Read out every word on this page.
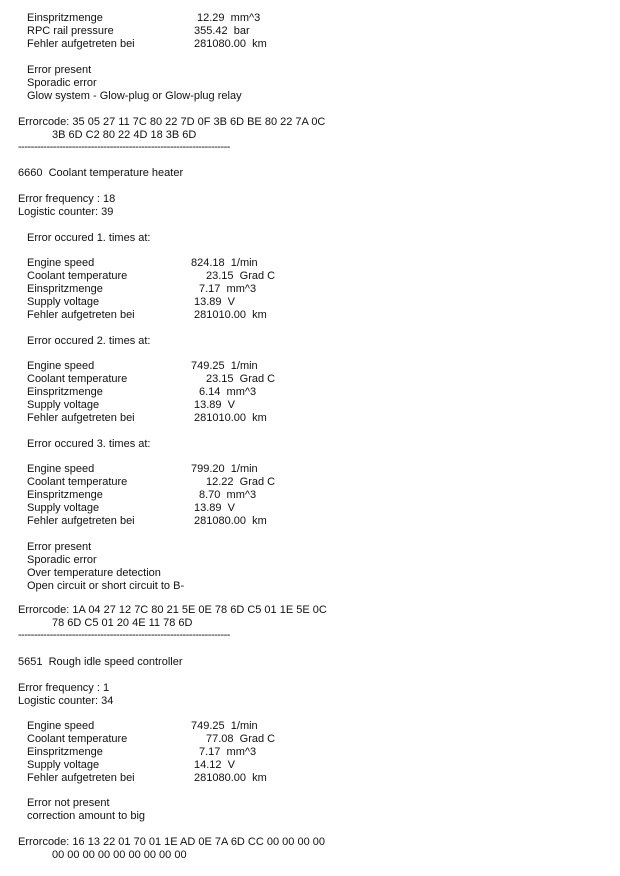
Einspritzmenge	12.29 mm^3
RPC rail pressure	355.42 bar
Fehler aufgetreten bei	281080.00 km
Error present
Sporadic error
Glow system - Glow-plug or Glow-plug relay
Errorcode: 35 05 27 11 7C 80 22 7D 0F 3B 6D BE 80 22 7A 0C
3B 6D C2 80 22 4D 18 3B 6D
-------------------------------------------------------------------
6660  Coolant temperature heater
Error frequency : 18
Logistic counter: 39
Error occured 1. times at:
Engine speed	824.18 1/min
Coolant temperature	23.15 Grad C
Einspritzmenge	7.17 mm^3
Supply voltage	13.89 V
Fehler aufgetreten bei	281010.00 km
Error occured 2. times at:
Engine speed	749.25 1/min
Coolant temperature	23.15 Grad C
Einspritzmenge	6.14 mm^3
Supply voltage	13.89 V
Fehler aufgetreten bei	281010.00 km
Error occured 3. times at:
Engine speed	799.20 1/min
Coolant temperature	12.22 Grad C
Einspritzmenge	8.70 mm^3
Supply voltage	13.89 V
Fehler aufgetreten bei	281080.00 km
Error present
Sporadic error
Over temperature detection
Open circuit or short circuit to B-
Errorcode: 1A 04 27 12 7C 80 21 5E 0E 78 6D C5 01 1E 5E 0C
78 6D C5 01 20 4E 11 78 6D
-------------------------------------------------------------------
5651  Rough idle speed controller
Error frequency : 1
Logistic counter: 34
Engine speed	749.25 1/min
Coolant temperature	77.08 Grad C
Einspritzmenge	7.17 mm^3
Supply voltage	14.12 V
Fehler aufgetreten bei	281080.00 km
Error not present
correction amount to big
Errorcode: 16 13 22 01 70 01 1E AD 0E 7A 6D CC 00 00 00 00
00 00 00 00 00 00 00 00 00
